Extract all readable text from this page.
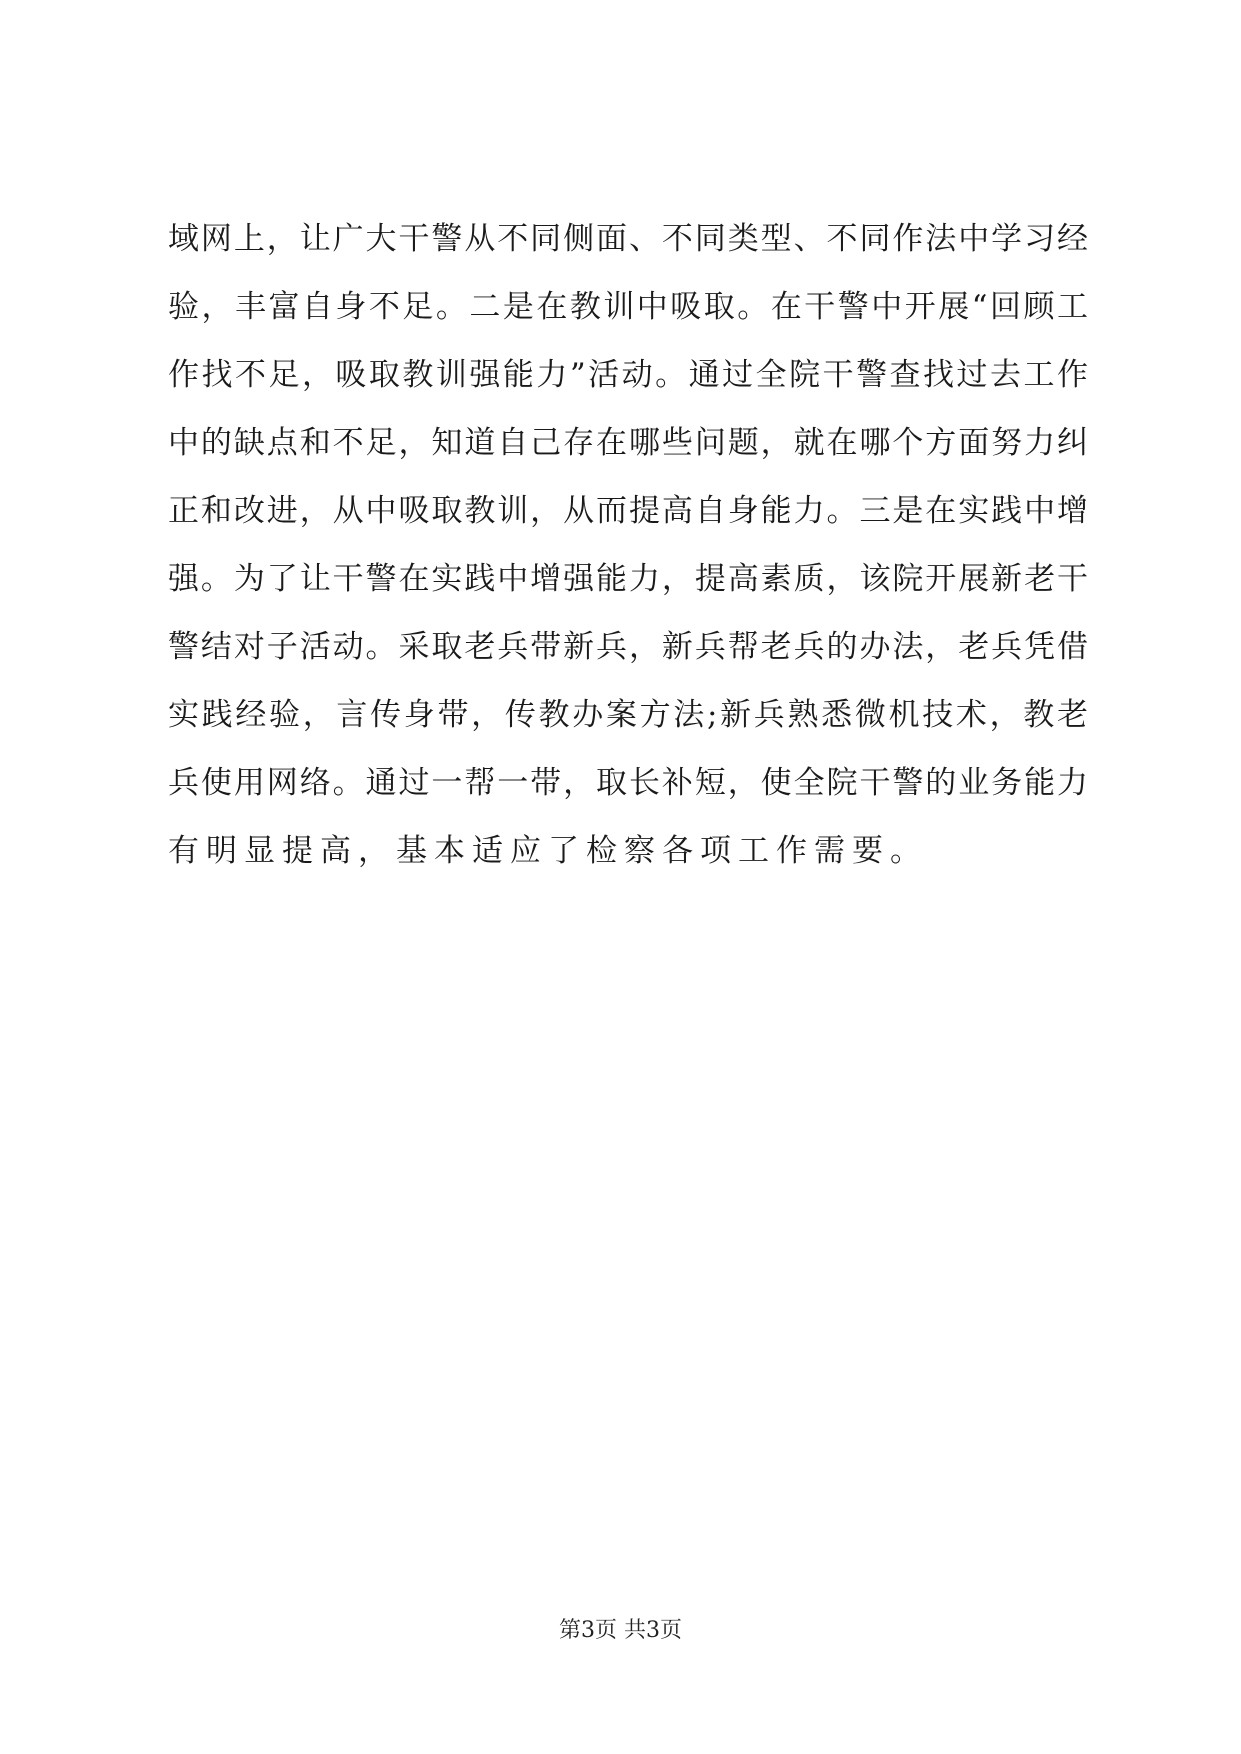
域网上，让广大干警从不同侧面、不同类型、不同作法中学习经
验，丰富自身不足。二是在教训中吸取。在干警中开展“回顾工
作找不足，吸取教训强能力”活动。通过全院干警查找过去工作
中的缺点和不足，知道自己存在哪些问题，就在哪个方面努力纠
正和改进，从中吸取教训，从而提高自身能力。三是在实践中增
强。为了让干警在实践中增强能力，提高素质，该院开展新老干
警结对子活动。采取老兵带新兵，新兵帮老兵的办法，老兵凭借
实践经验，言传身带，传教办案方法;新兵熟悉微机技术，教老
兵使用网络。通过一帮一带，取长补短，使全院干警的业务能力
有明显提高，基本适应了检察各项工作需要。
第3页 共3页
